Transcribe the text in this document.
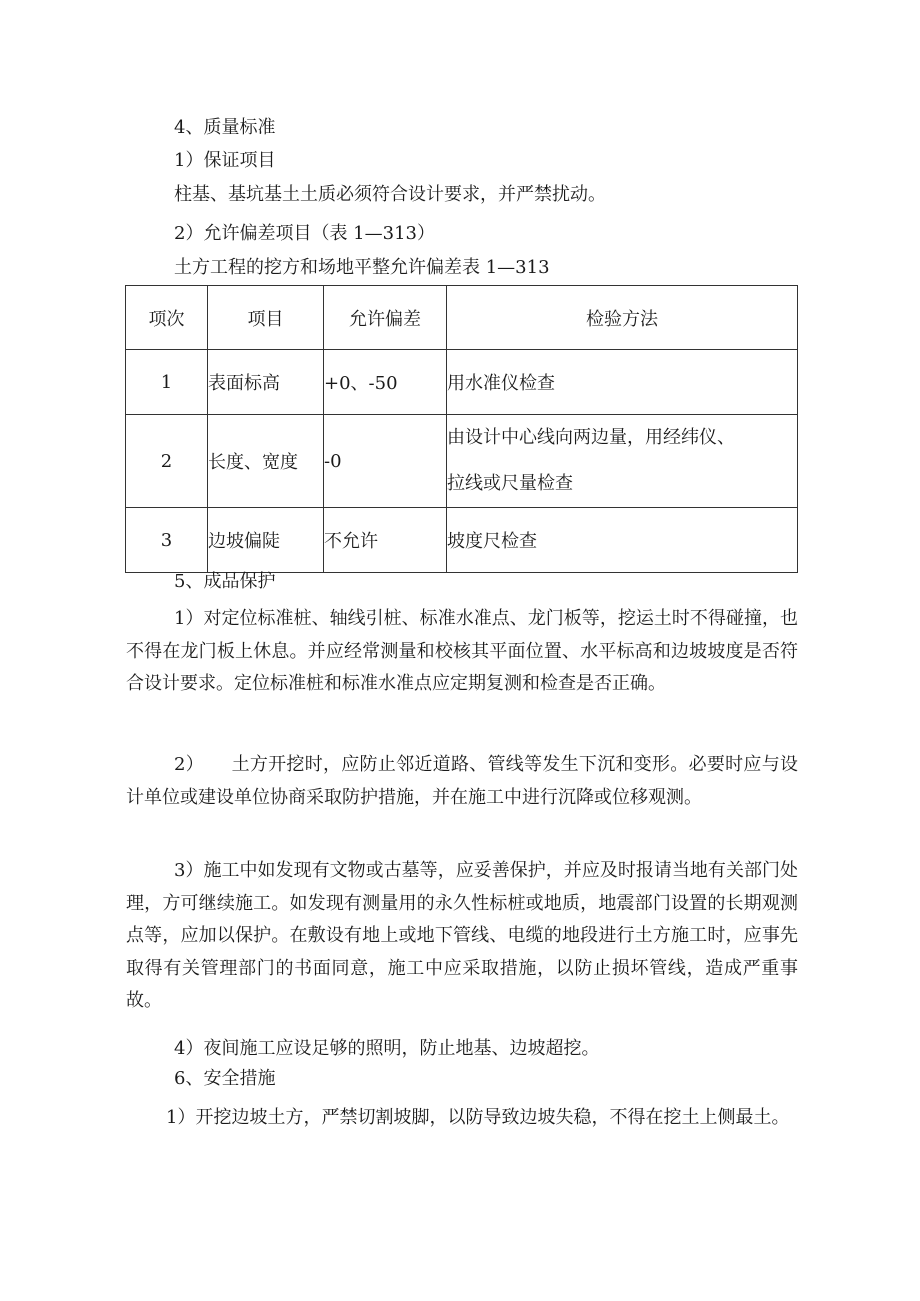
4、质量标准
1）保证项目
柱基、基坑基土土质必须符合设计要求，并严禁扰动。
2）允许偏差项目（表 1—313）
土方工程的挖方和场地平整允许偏差表 1—313
项次	项目	允许偏差	检验方法
1	表面标高	+0、-50	用水准仪检查
2	长度、宽度	-0	由设计中心线向两边量，用经纬仪、
拉线或尺量检查

3	边坡偏陡	不允许	坡度尺检查
5、成品保护

1）对定位标准桩、轴线引桩、标准水准点、龙门板等，挖运土时不得碰撞，也不得在龙门板上休息。并应经常测量和校核其平面位置、水平标高和边坡坡度是否符合设计要求。定位标准桩和标准水准点应定期复测和检查是否正确。

2）　　土方开挖时，应防止邻近道路、管线等发生下沉和变形。必要时应与设计单位或建设单位协商采取防护措施，并在施工中进行沉降或位移观测。

3）施工中如发现有文物或古墓等，应妥善保护，并应及时报请当地有关部门处理，方可继续施工。如发现有测量用的永久性标桩或地质，地震部门设置的长期观测点等，应加以保护。在敷设有地上或地下管线、电缆的地段进行土方施工时，应事先取得有关管理部门的书面同意，施工中应采取措施，以防止损坏管线，造成严重事故。

4）夜间施工应设足够的照明，防止地基、边坡超挖。

6、安全措施

1）开挖边坡土方，严禁切割坡脚，以防导致边坡失稳，不得在挖土上侧最土。
